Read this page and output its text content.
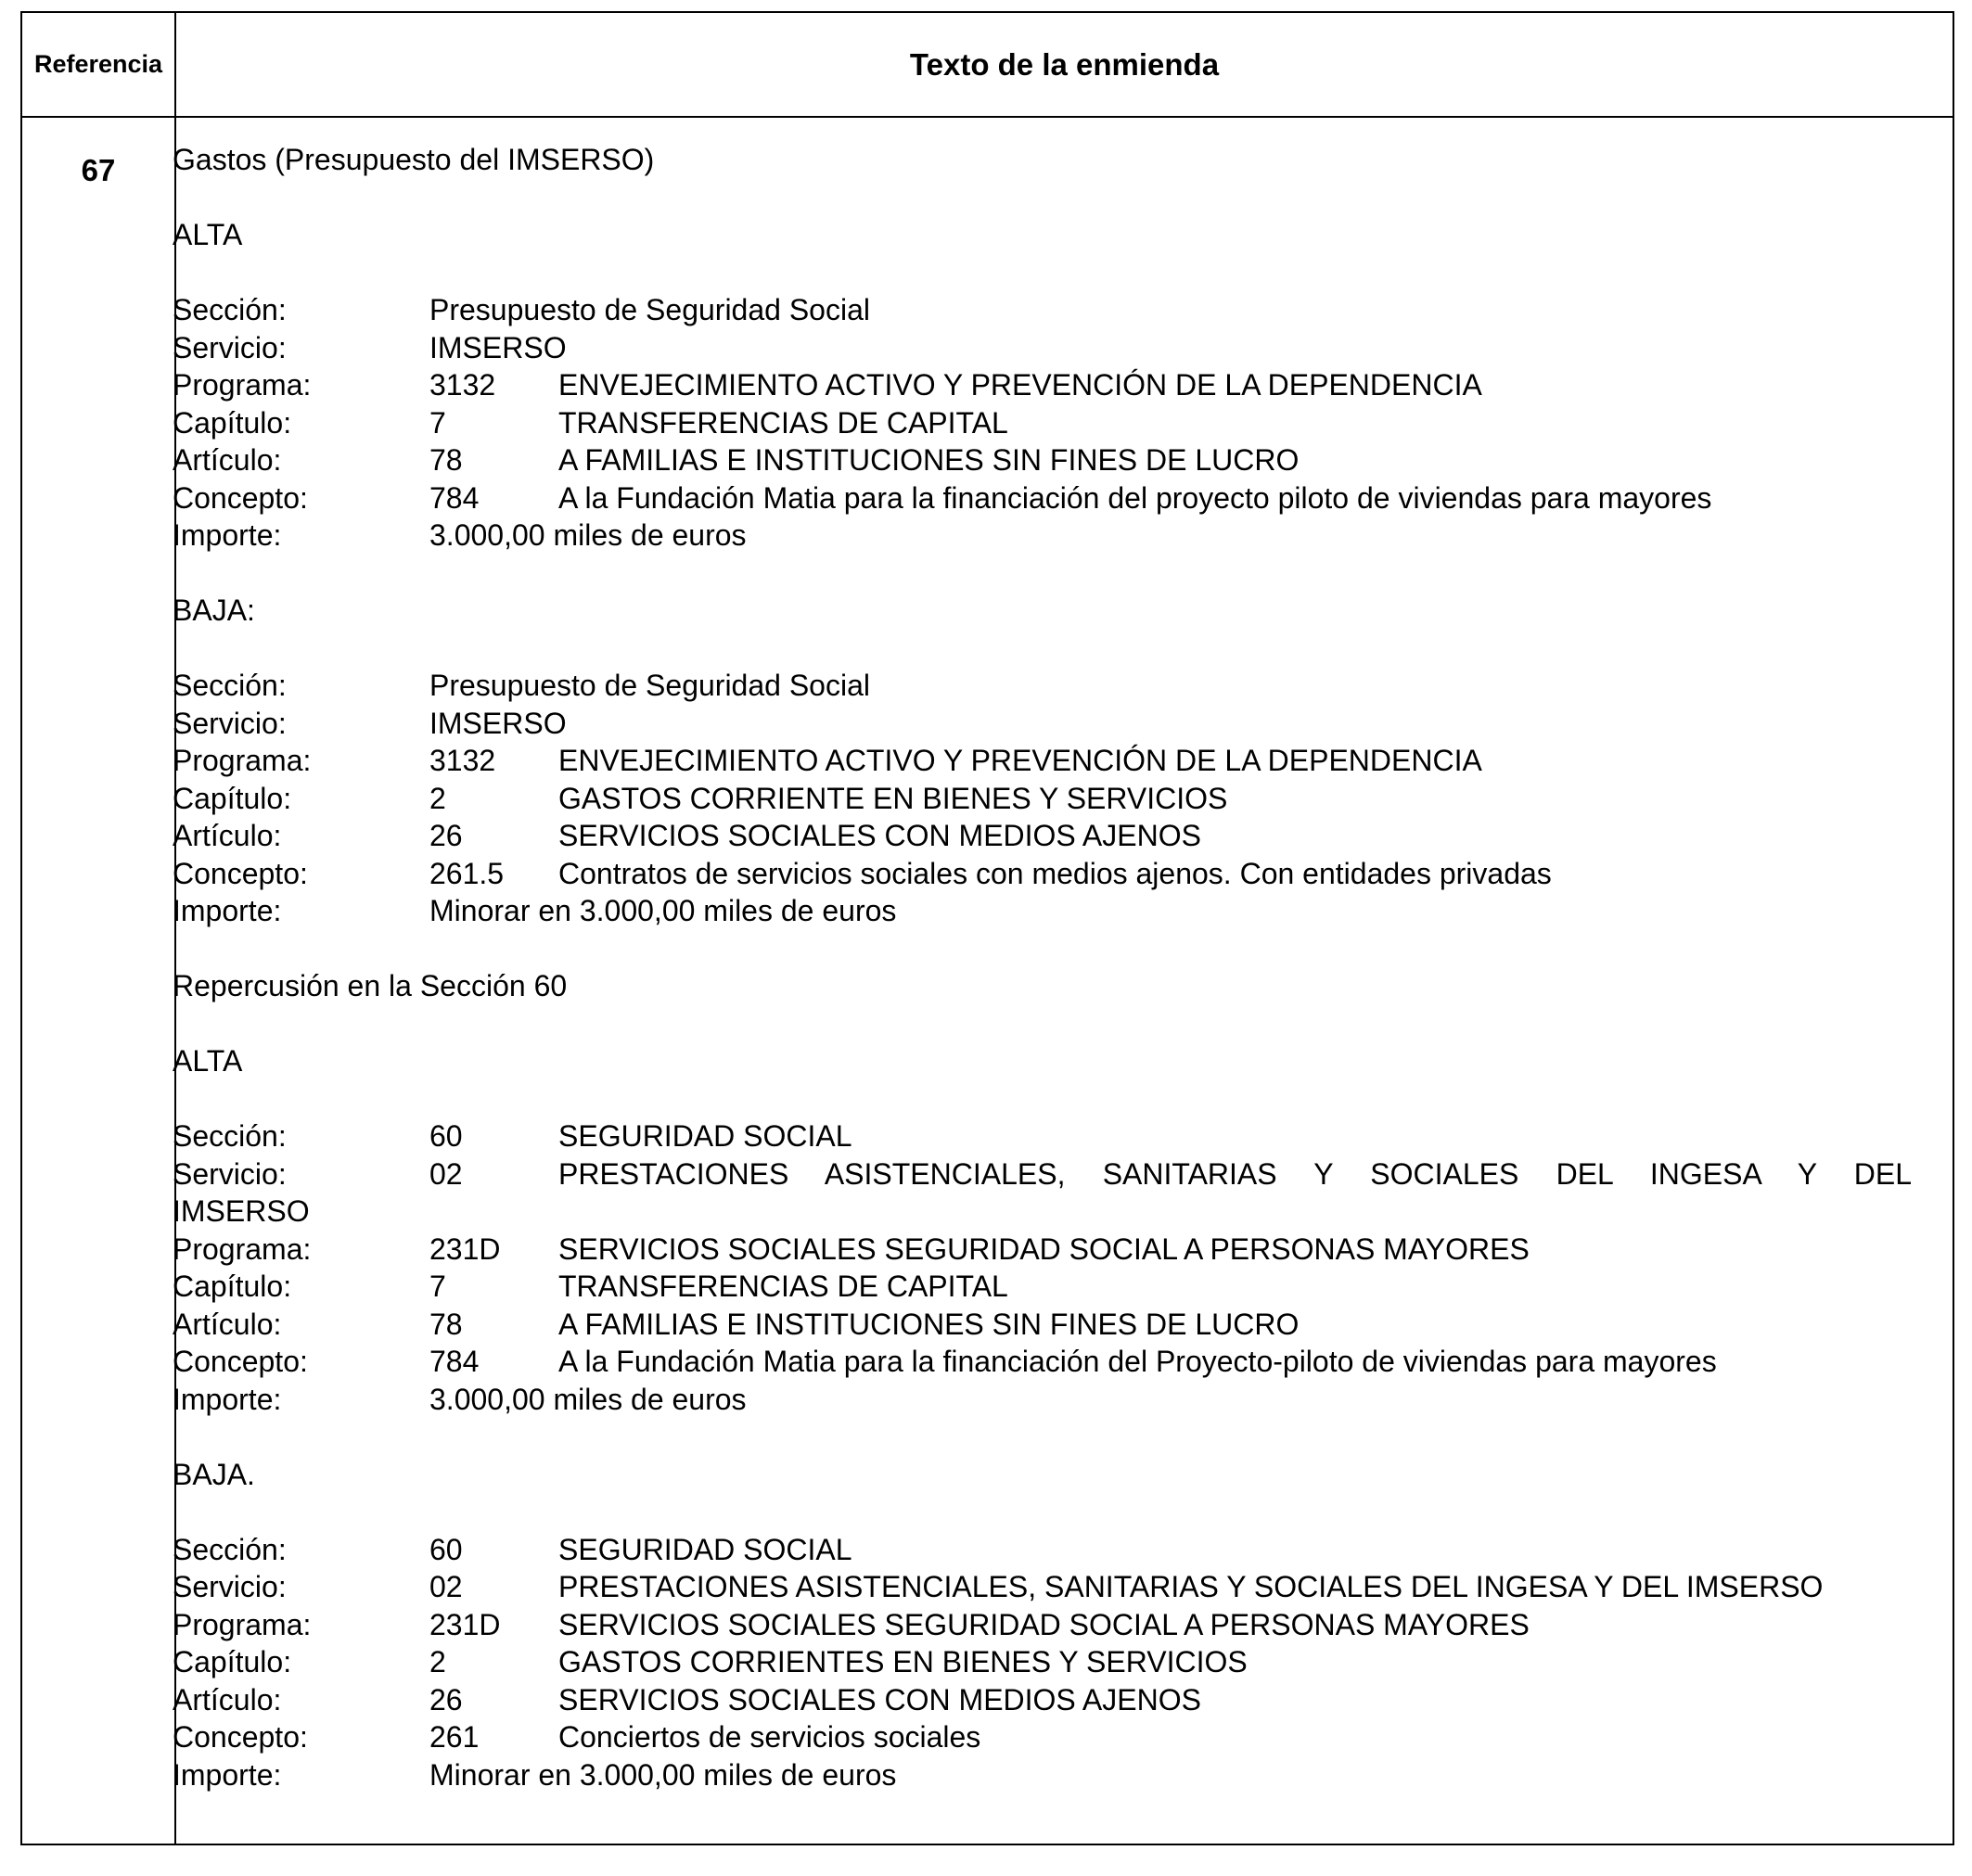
Referencia	Texto de la enmienda
67	Gastos (Presupuesto del IMSERSO)

ALTA

Sección:	Presupuesto de Seguridad Social
Servicio:	IMSERSO
Programa:	3132	ENVEJECIMIENTO ACTIVO Y PREVENCIÓN DE LA DEPENDENCIA
Capítulo:	7	TRANSFERENCIAS DE CAPITAL
Artículo:	78	A FAMILIAS E INSTITUCIONES SIN FINES DE LUCRO
Concepto:	784	A la Fundación Matia para la financiación del proyecto piloto de viviendas para mayores
Importe:	3.000,00 miles de euros

BAJA:

Sección:	Presupuesto de Seguridad Social
Servicio:	IMSERSO
Programa:	3132	ENVEJECIMIENTO ACTIVO Y PREVENCIÓN DE LA DEPENDENCIA
Capítulo:	2	GASTOS CORRIENTE EN BIENES Y SERVICIOS
Artículo:	26	SERVICIOS SOCIALES CON MEDIOS AJENOS
Concepto:	261.5	Contratos de servicios sociales con medios ajenos. Con entidades privadas
Importe:	Minorar en 3.000,00 miles de euros

Repercusión en la Sección 60

ALTA

Sección:	60	SEGURIDAD SOCIAL
Servicio:	02	PRESTACIONES ASISTENCIALES, SANITARIAS Y SOCIALES DEL INGESA Y DEL
IMSERSO
Programa:	231D	SERVICIOS SOCIALES SEGURIDAD SOCIAL A PERSONAS MAYORES
Capítulo:	7	TRANSFERENCIAS DE CAPITAL
Artículo:	78	A FAMILIAS E INSTITUCIONES SIN FINES DE LUCRO
Concepto:	784	A la Fundación Matia para la financiación del Proyecto-piloto de viviendas para mayores
Importe:	3.000,00 miles de euros

BAJA.

Sección:	60	SEGURIDAD SOCIAL
Servicio:	02	PRESTACIONES ASISTENCIALES, SANITARIAS Y SOCIALES DEL INGESA Y DEL IMSERSO
Programa:	231D	SERVICIOS SOCIALES SEGURIDAD SOCIAL A PERSONAS MAYORES
Capítulo:	2	GASTOS CORRIENTES EN BIENES Y SERVICIOS
Artículo:	26	SERVICIOS SOCIALES CON MEDIOS AJENOS
Concepto:	261	Conciertos de servicios sociales
Importe:	Minorar en 3.000,00 miles de euros
